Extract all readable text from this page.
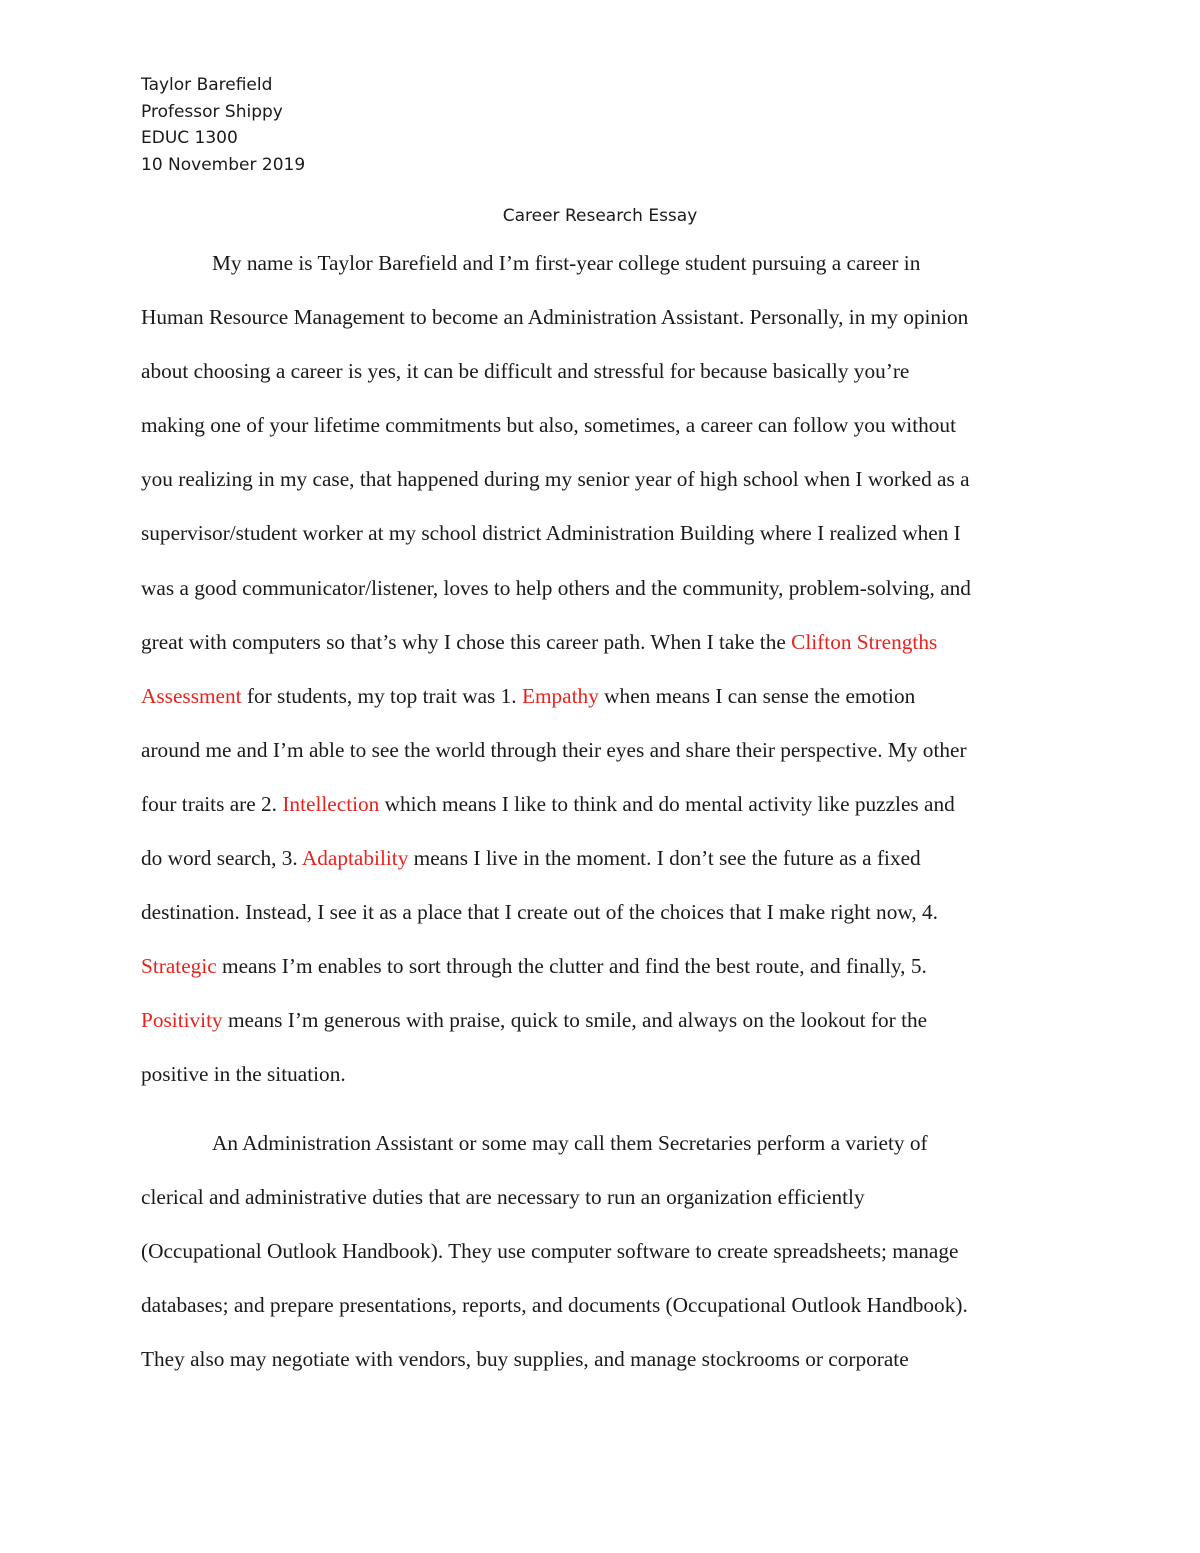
Taylor Barefield
Professor Shippy
EDUC 1300
10 November 2019
Career Research Essay
My name is Taylor Barefield and I’m first-year college student pursuing a career in
Human Resource Management to become an Administration Assistant. Personally, in my opinion
about choosing a career is yes, it can be difficult and stressful for because basically you’re
making one of your lifetime commitments but also, sometimes, a career can follow you without
you realizing in my case, that happened during my senior year of high school when I worked as a
supervisor/student worker at my school district Administration Building where I realized when I
was a good communicator/listener, loves to help others and the community, problem-solving, and
great with computers so that’s why I chose this career path. When I take the Clifton Strengths
Assessment for students, my top trait was 1. Empathy when means I can sense the emotion
around me and I’m able to see the world through their eyes and share their perspective. My other
four traits are 2. Intellection which means I like to think and do mental activity like puzzles and
do word search, 3. Adaptability means I live in the moment. I don’t see the future as a fixed
destination. Instead, I see it as a place that I create out of the choices that I make right now, 4.
Strategic means I’m enables to sort through the clutter and find the best route, and finally, 5.
Positivity means I’m generous with praise, quick to smile, and always on the lookout for the
positive in the situation.
An Administration Assistant or some may call them Secretaries perform a variety of
clerical and administrative duties that are necessary to run an organization efficiently
(Occupational Outlook Handbook). They use computer software to create spreadsheets; manage
databases; and prepare presentations, reports, and documents (Occupational Outlook Handbook).
They also may negotiate with vendors, buy supplies, and manage stockrooms or corporate
